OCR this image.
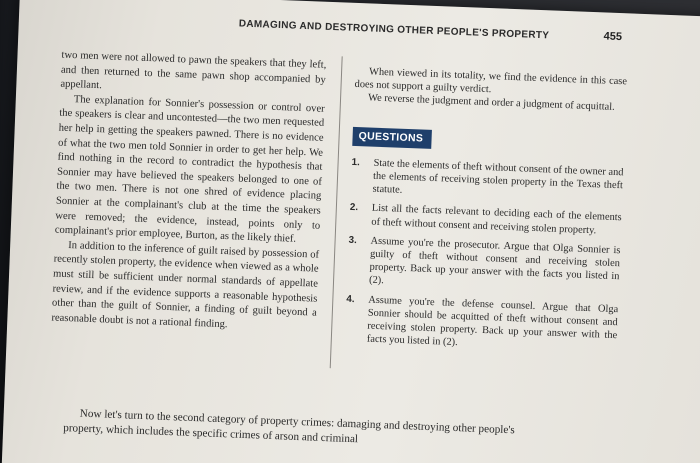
DAMAGING AND DESTROYING OTHER PEOPLE'S PROPERTY	455

two men were not allowed to pawn the speakers that they left, and then returned to the same pawn shop accompanied by appellant.

The explanation for Sonnier's possession or control over the speakers is clear and uncontested—the two men requested her help in getting the speakers pawned. There is no evidence of what the two men told Sonnier in order to get her help. We find nothing in the record to contradict the hypothesis that Sonnier may have believed the speakers belonged to one of the two men. There is not one shred of evidence placing Sonnier at the complainant's club at the time the speakers were removed; the evidence, instead, points only to complainant's prior employee, Burton, as the likely thief.

In addition to the inference of guilt raised by possession of recently stolen property, the evidence when viewed as a whole must still be sufficient under normal standards of appellate review, and if the evidence supports a reasonable hypothesis other than the guilt of Sonnier, a finding of guilt beyond a reasonable doubt is not a rational finding.

When viewed in its totality, we find the evidence in this case does not support a guilty verdict.

We reverse the judgment and order a judgment of acquittal.

QUESTIONS
1. State the elements of theft without consent of the owner and the elements of receiving stolen property in the Texas theft statute.
2. List all the facts relevant to deciding each of the elements of theft without consent and receiving stolen property.
3. Assume you're the prosecutor. Argue that Olga Sonnier is guilty of theft without consent and receiving stolen property. Back up your answer with the facts you listed in (2).
4. Assume you're the defense counsel. Argue that Olga Sonnier should be acquitted of theft without consent and receiving stolen property. Back up your answer with the facts you listed in (2).

Now let's turn to the second category of property crimes: damaging and destroying other people's property, which includes the specific crimes of arson and criminal
